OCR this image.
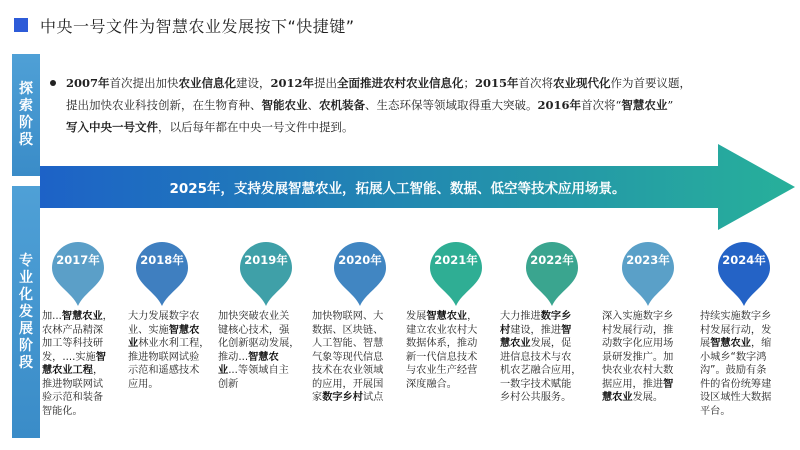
中央一号文件为智慧农业发展按下“快捷键”
探
索
阶
段
专
业
化
发
展
阶
段
2007年首次提出加快农业信息化建设，2012年提出全面推进农村农业信息化；2015年首次将农业现代化作为首要议题，
提出加快农业科技创新，在生物育种、智能农业、农机装备、生态环保等领域取得重大突破。2016年首次将“智慧农业”
写入中央一号文件，以后每年都在中央一号文件中提到。
2025年，支持发展智慧农业，拓展人工智能、数据、低空等技术应用场景。
2017年	2018年	2019年	2020年	2021年	2022年	2023年	2024年
加...智慧农业，
农林产品精深
加工等科技研
发，....实施智
慧农业工程，
推进物联网试
验示范和装备
智能化。
大力发展数字农
业、实施智慧农
业林业水利工程，
推进物联网试验
示范和遥感技术
应用。
加快突破农业关
键核心技术，强
化创新驱动发展，
推动...智慧农
业...等领域自主
创新
加快物联网、大
数据、区块链、
人工智能、智慧
气象等现代信息
技术在农业领域
的应用，开展国
家数字乡村试点
发展智慧农业，
建立农业农村大
数据体系，推动
新一代信息技术
与农业生产经营
深度融合。
大力推进数字乡
村建设，推进智
慧农业发展，促
进信息技术与农
机农艺融合应用，
一数字技术赋能
乡村公共服务。
深入实施数字乡
村发展行动，推
动数字化应用场
景研发推广。加
快农业农村大数
据应用，推进智
慧农业发展。
持续实施数字乡
村发展行动，发
展智慧农业，缩
小城乡“数字鸿
沟”。鼓励有条
件的省份统筹建
设区域性大数据
平台。
